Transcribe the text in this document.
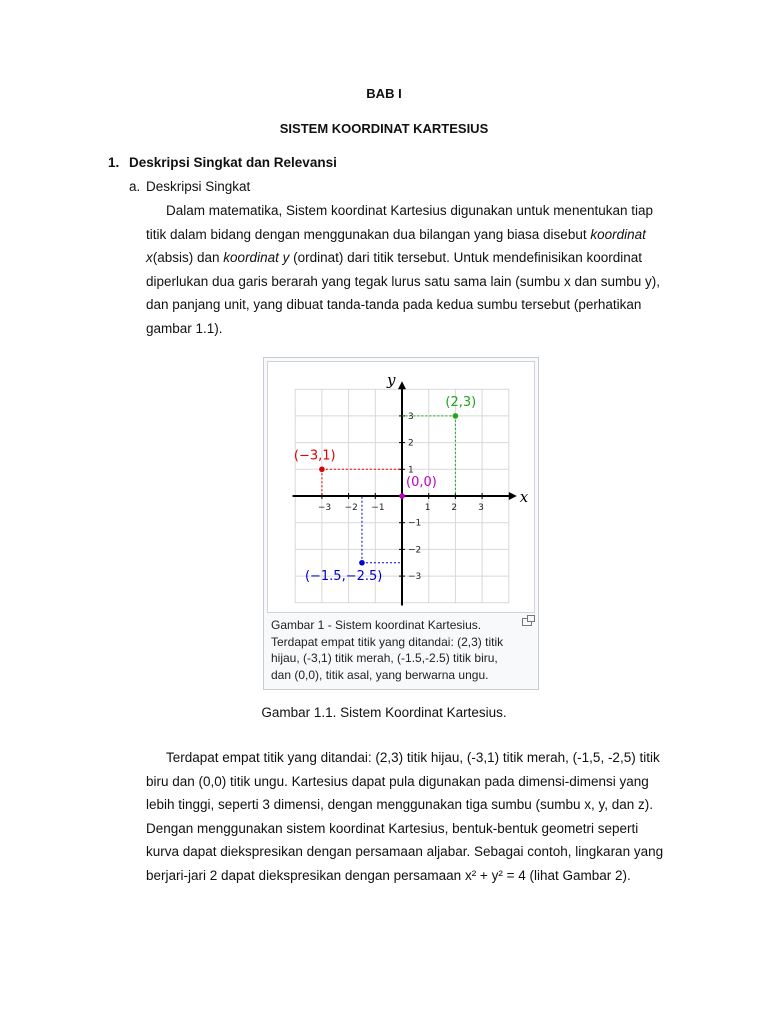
BAB I
SISTEM KOORDINAT KARTESIUS
1. Deskripsi Singkat dan Relevansi
a. Deskripsi Singkat
Dalam matematika, Sistem koordinat Kartesius digunakan untuk menentukan tiap
titik dalam bidang dengan menggunakan dua bilangan yang biasa disebut koordinat
x(absis) dan koordinat y (ordinat) dari titik tersebut. Untuk mendefinisikan koordinat
diperlukan dua garis berarah yang tegak lurus satu sama lain (sumbu x dan sumbu y),
dan panjang unit, yang dibuat tanda-tanda pada kedua sumbu tersebut (perhatikan
gambar 1.1).
x
y
−3 −2 −1	1 2 3
3
2
1
−1
−2
−3
(2,3)
(−3,1)
(0,0)
(−1.5,−2.5)
Gambar 1 - Sistem koordinat Kartesius.
Terdapat empat titik yang ditandai: (2,3) titik
hijau, (-3,1) titik merah, (-1.5,-2.5) titik biru,
dan (0,0), titik asal, yang berwarna ungu.
Gambar 1.1. Sistem Koordinat Kartesius.
Terdapat empat titik yang ditandai: (2,3) titik hijau, (-3,1) titik merah, (-1,5, -2,5) titik
biru dan (0,0) titik ungu. Kartesius dapat pula digunakan pada dimensi-dimensi yang
lebih tinggi, seperti 3 dimensi, dengan menggunakan tiga sumbu (sumbu x, y, dan z).
Dengan menggunakan sistem koordinat Kartesius, bentuk-bentuk geometri seperti
kurva dapat diekspresikan dengan persamaan aljabar. Sebagai contoh, lingkaran yang
berjari-jari 2 dapat diekspresikan dengan persamaan x² + y² = 4 (lihat Gambar 2).
